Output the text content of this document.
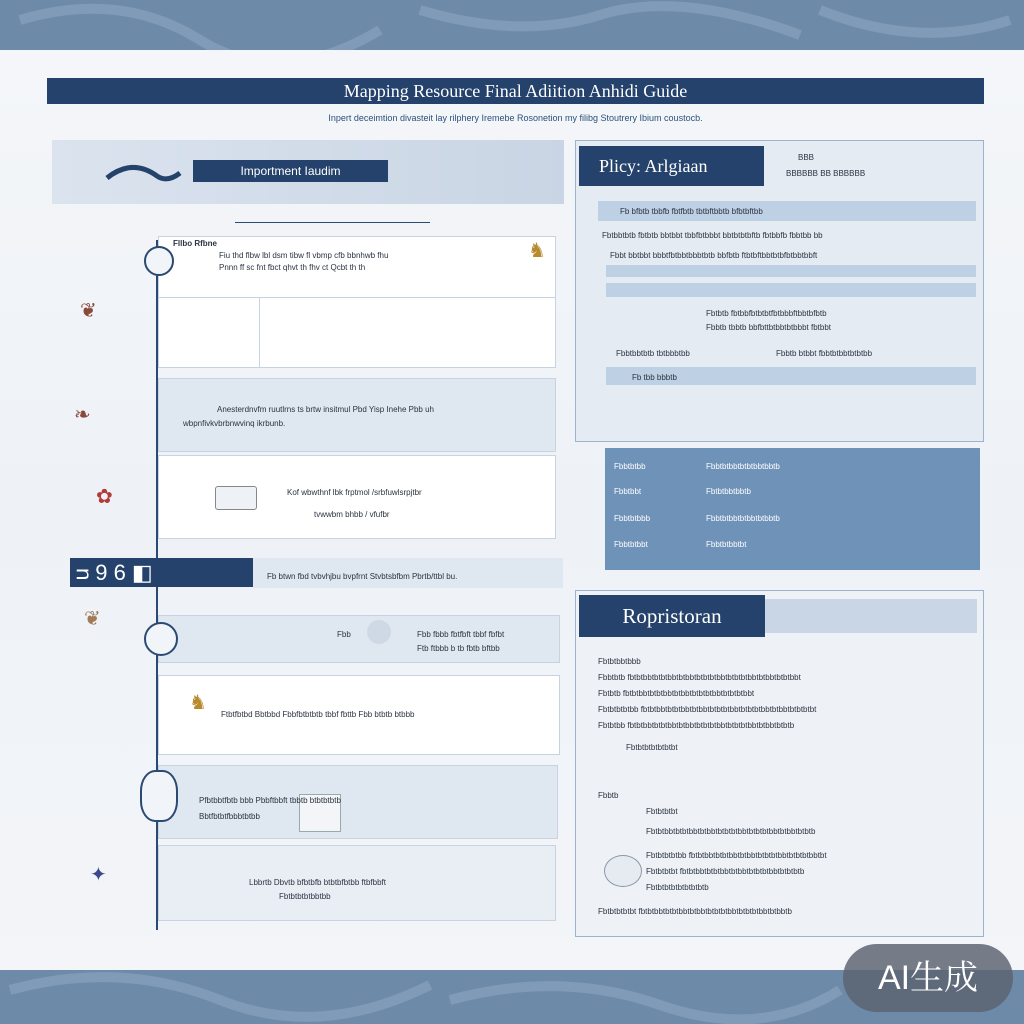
Mapping Resource Final Adiition Anhidi Guide
Inpert deceimtion divasteit lay rilphery Iremebe Rosonetion my filibg Stoutrery Ibium coustocb.
Importment Iaudim
Fllbo Rfbne
Fiu thd flbw lbl dsm tibw fl vbmp cfb bbnhwb fhu
Pnnn ff sc fnt fbct qhvt th fhv ct Qcbt th th
♞
Anesterdnvfm ruutlrns ts brtw insitmul Pbd Yisp Inehe Pbb uh
wbpnfivkvbrbnwvinq ikrbunb.
Kof wbwthnf lbk frptmol /srbfuwlsrpjtbr
tvwwbm bhbb / vfufbr
❦
❧
✿
ᴝ 9 6 ◧	Fb btwn fbd tvbvhjbu bvpfrnt Stvbtsbfbm Pbrtb/ttbl bu.
Fbb	Fbb fbbb fbtfbft tbbf fbfbt
Ftb ftbbb b tb fbtb bftbb
♞
Ftbtfbtbd Bbtbbd Fbbfbtbtbtb tbbf fbttb Fbb btbtb btbbb
Pfbtbbtfbtb bbb Pbbftbbft tbbtb btbtbtbtb
Bbtfbtbtfbbbtbtbb
Lbbrtb Dbvtb bfbtbfb btbtbfbtbb ftbfbbft
Fbtbtbtbtbbtbb
❦
✦
Plicy: Arlgiaan	BBB
BBBBBB BB BBBBBB
Fb bfbtb tbbfb fbtfbtb tbtbftbbtb bfbtbftbb
Fbtbbtbtb fbtbtb bbtbbt tbbfbtbbbt bbtbtbtbftb fbtbbfb fbbtbb bb
Fbbt bbtbbt bbbtfbtbbtbbbtbtb bbfbtb ftbtbftbbtbtbfbtbbtbbft
Fbtbtb fbtbbfbtbtbtfbtbbbftbbtbfbtb
Fbbtb tbbtb bbfbttbtbbtbtbbbt fbtbbt
Fbbtbbtbtb tbtbbbtbb	Fbbtb btbbt fbbtbtbbtbtbtbb
Fb tbb bbbtb
Fbbtbtbb	Fbbtbtbbtbtbtbbtbbtb
Fbbtbbt	Fbtbtbbtbbtb
Fbbtbtbbb	Fbbtbtbbtbtbbtbtbbtb
Fbbtbtbbt	Fbbtbtbbtbt
Ropristoran
Fbtbtbbtbbb
Fbbtbtb fbtbtbbtbtbtbbtbtbbtbtbtbtbbtbtbtbtbbtbtbbtbtbtbbt
Fbtbtb fbtbtbbtbtbtbbtbtbbtbtbtbtbbtbtbtbtbbt
Fbtbtbtbtbb fbtbtbbtbtbtbbtbtbbtbtbtbtbbtbtbtbtbbtbtbbtbtbtbtbt
Fbtbtbb fbtbtbbtbtbtbbtbtbbtbtbtbtbbtbtbtbtbbtbtbbtbtbtb
Fbtbtbtbtbtbtbt
Fbbtb
Fbtbtbtbt
Fbtbtbbtbtbtbbtbtbbtbtbtbtbbtbtbtbtbbtbtbbtbtbtb
Fbtbtbtbtbb fbtbtbbtbtbtbbtbtbbtbtbtbtbbtbtbtbtbbtbt
Fbtbtbtbt fbtbtbbtbtbtbbtbtbbtbtbtbtbbtbtbtbtb
Fbtbtbtbtbtbtbtbtb
Fbtbtbtbtbt fbtbtbbtbtbtbbtbtbbtbtbtbtbbtbtbtbtbbtbtbbtb
AI生成
